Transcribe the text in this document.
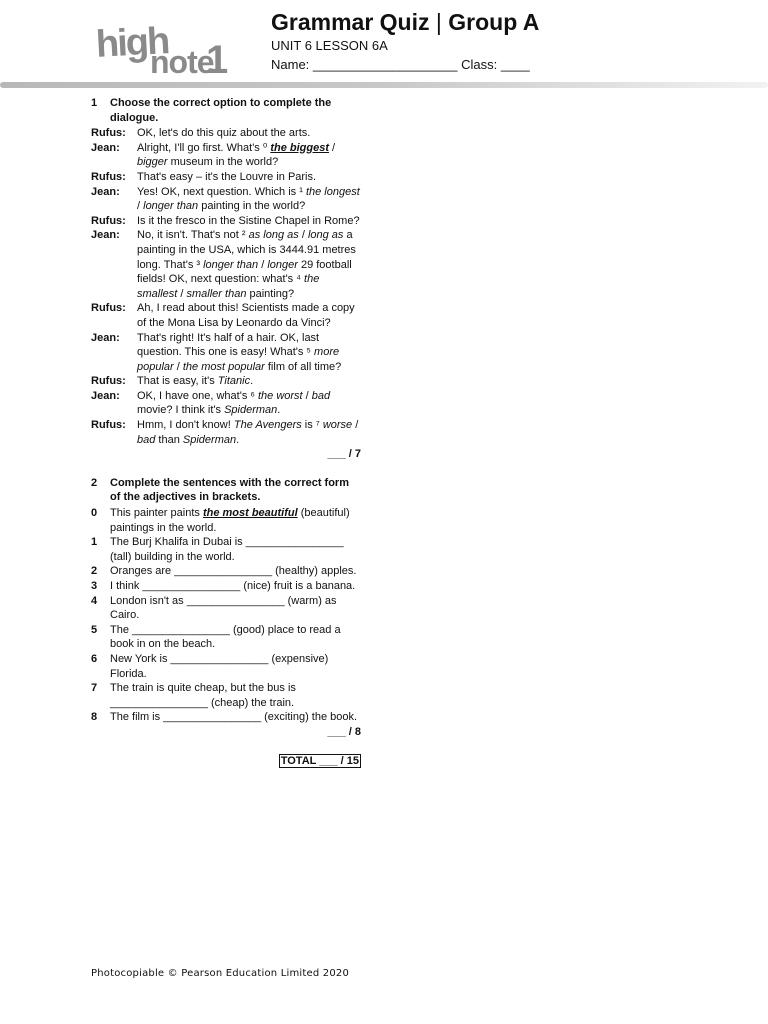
high
note
1
Grammar Quiz | Group A
UNIT 6 LESSON 6A
Name: ____________________ Class: ____
1	Choose the correct option to complete the dialogue.
Rufus:	OK, let's do this quiz about the arts.
Jean:	Alright, I'll go first. What's ⁰ the biggest / bigger museum in the world?
Rufus:	That's easy – it's the Louvre in Paris.
Jean:	Yes! OK, next question. Which is ¹ the longest / longer than painting in the world?
Rufus:	Is it the fresco in the Sistine Chapel in Rome?
Jean:	No, it isn't. That's not ² as long as / long as a painting in the USA, which is 3444.91 metres long. That's ³ longer than / longer 29 football fields! OK, next question: what's ⁴ the smallest / smaller than painting?
Rufus:	Ah, I read about this! Scientists made a copy of the Mona Lisa by Leonardo da Vinci?
Jean:	That's right! It's half of a hair. OK, last question. This one is easy! What's ⁵ more popular / the most popular film of all time?
Rufus:	That is easy, it's Titanic.
Jean:	OK, I have one, what's ⁶ the worst / bad movie? I think it's Spiderman.
Rufus:	Hmm, I don't know! The Avengers is ⁷ worse / bad than Spiderman.
___ / 7
2	Complete the sentences with the correct form of the adjectives in brackets.
0	This painter paints the most beautiful (beautiful) paintings in the world.
1	The Burj Khalifa in Dubai is ________________ (tall) building in the world.
2	Oranges are ________________ (healthy) apples.
3	I think ________________ (nice) fruit is a banana.
4	London isn't as ________________ (warm) as Cairo.
5	The ________________ (good) place to read a book in on the beach.
6	New York is ________________ (expensive) Florida.
7	The train is quite cheap, but the bus is ________________ (cheap) the train.
8	The film is ________________ (exciting) the book.
___ / 8
TOTAL ___ / 15
Photocopiable © Pearson Education Limited 2020
